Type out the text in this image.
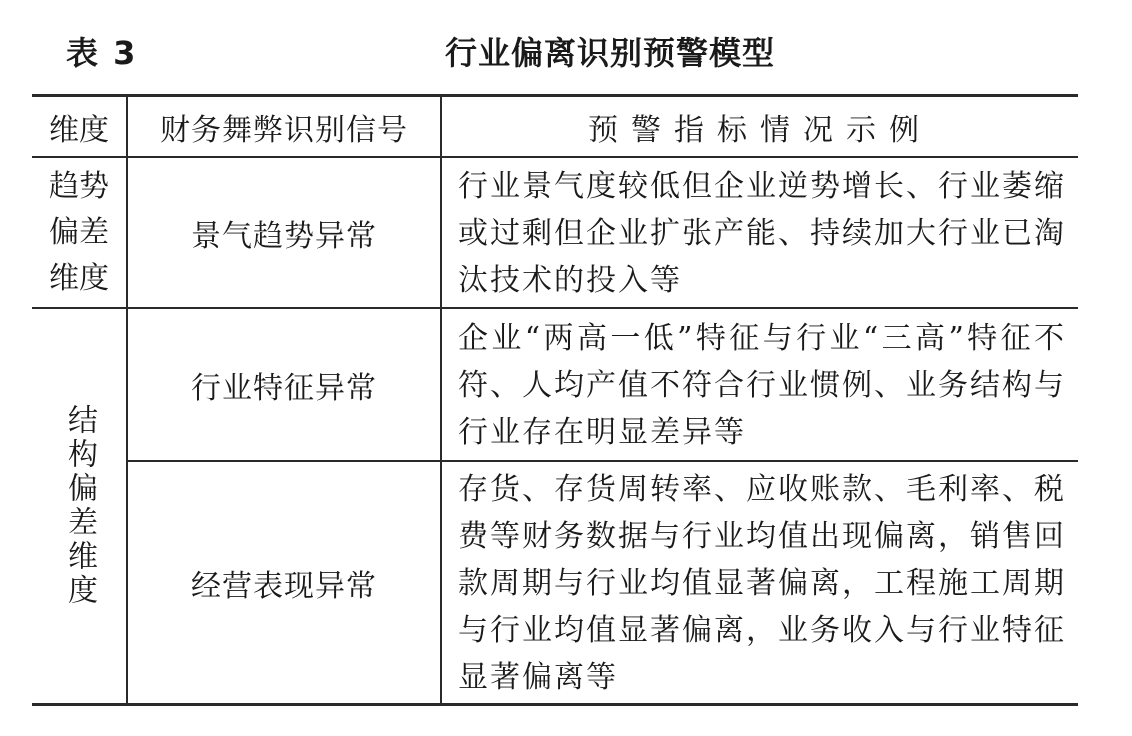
表 3	行业偏离识别预警模型
维度 财务舞弊识别信号	预警指标情况示例
趋势
偏差
维度
景气趋势异常
行业景气度较低但企业逆势增长、行业萎缩或过剩但企业扩张产能、持续加大行业已淘汰技术的投入等
结构偏差维度
行业特征异常
企业“两高一低”特征与行业“三高”特征不符、人均产值不符合行业惯例、业务结构与行业存在明显差异等
经营表现异常
存货、存货周转率、应收账款、毛利率、税费等财务数据与行业均值出现偏离，销售回款周期与行业均值显著偏离，工程施工周期与行业均值显著偏离，业务收入与行业特征显著偏离等
